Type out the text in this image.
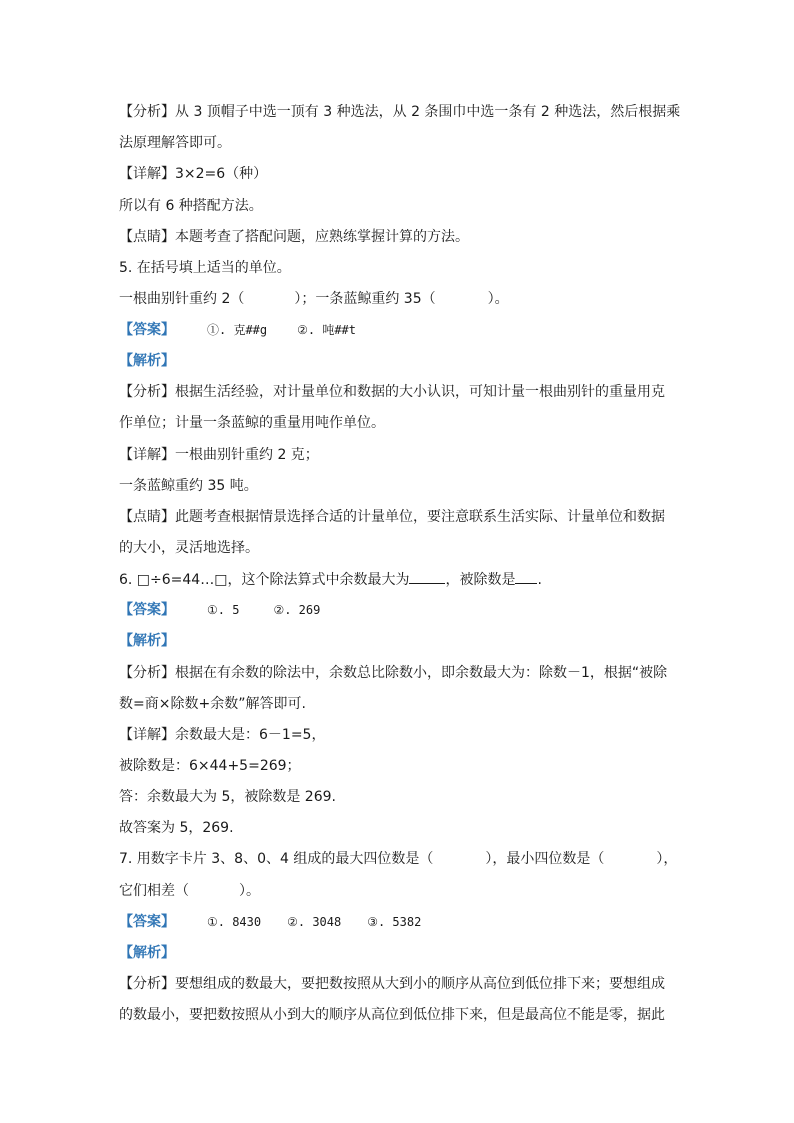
【分析】从 3 顶帽子中选一顶有 3 种选法，从 2 条围巾中选一条有 2 种选法，然后根据乘
法原理解答即可。
【详解】3×2=6（种）
所以有 6 种搭配方法。
【点睛】本题考查了搭配问题，应熟练掌握计算的方法。
5. 在括号填上适当的单位。
一根曲别针重约 2（	）；一条蓝鲸重约 35（	）。
【答案】	①. 克##g	②. 吨##t
【解析】
【分析】根据生活经验，对计量单位和数据的大小认识，可知计量一根曲别针的重量用克
作单位；计量一条蓝鲸的重量用吨作单位。
【详解】一根曲别针重约 2 克；
一条蓝鲸重约 35 吨。
【点睛】此题考查根据情景选择合适的计量单位，要注意联系生活实际、计量单位和数据
的大小，灵活地选择。
6. □÷6=44…□，这个除法算式中余数最大为	，被除数是 .
【答案】	①. 5	②. 269
【解析】
【分析】根据在有余数的除法中，余数总比除数小，即余数最大为：除数－1，根据“被除
数=商×除数+余数”解答即可.
【详解】余数最大是：6－1=5，
被除数是：6×44+5=269；
答：余数最大为 5，被除数是 269.
故答案为 5，269.
7. 用数字卡片 3、8、0、4 组成的最大四位数是（	），最小四位数是（	），
它们相差（	）。
【答案】	①. 8430 ②. 3048 ③. 5382
【解析】
【分析】要想组成的数最大，要把数按照从大到小的顺序从高位到低位排下来；要想组成
的数最小，要把数按照从小到大的顺序从高位到低位排下来，但是最高位不能是零，据此
